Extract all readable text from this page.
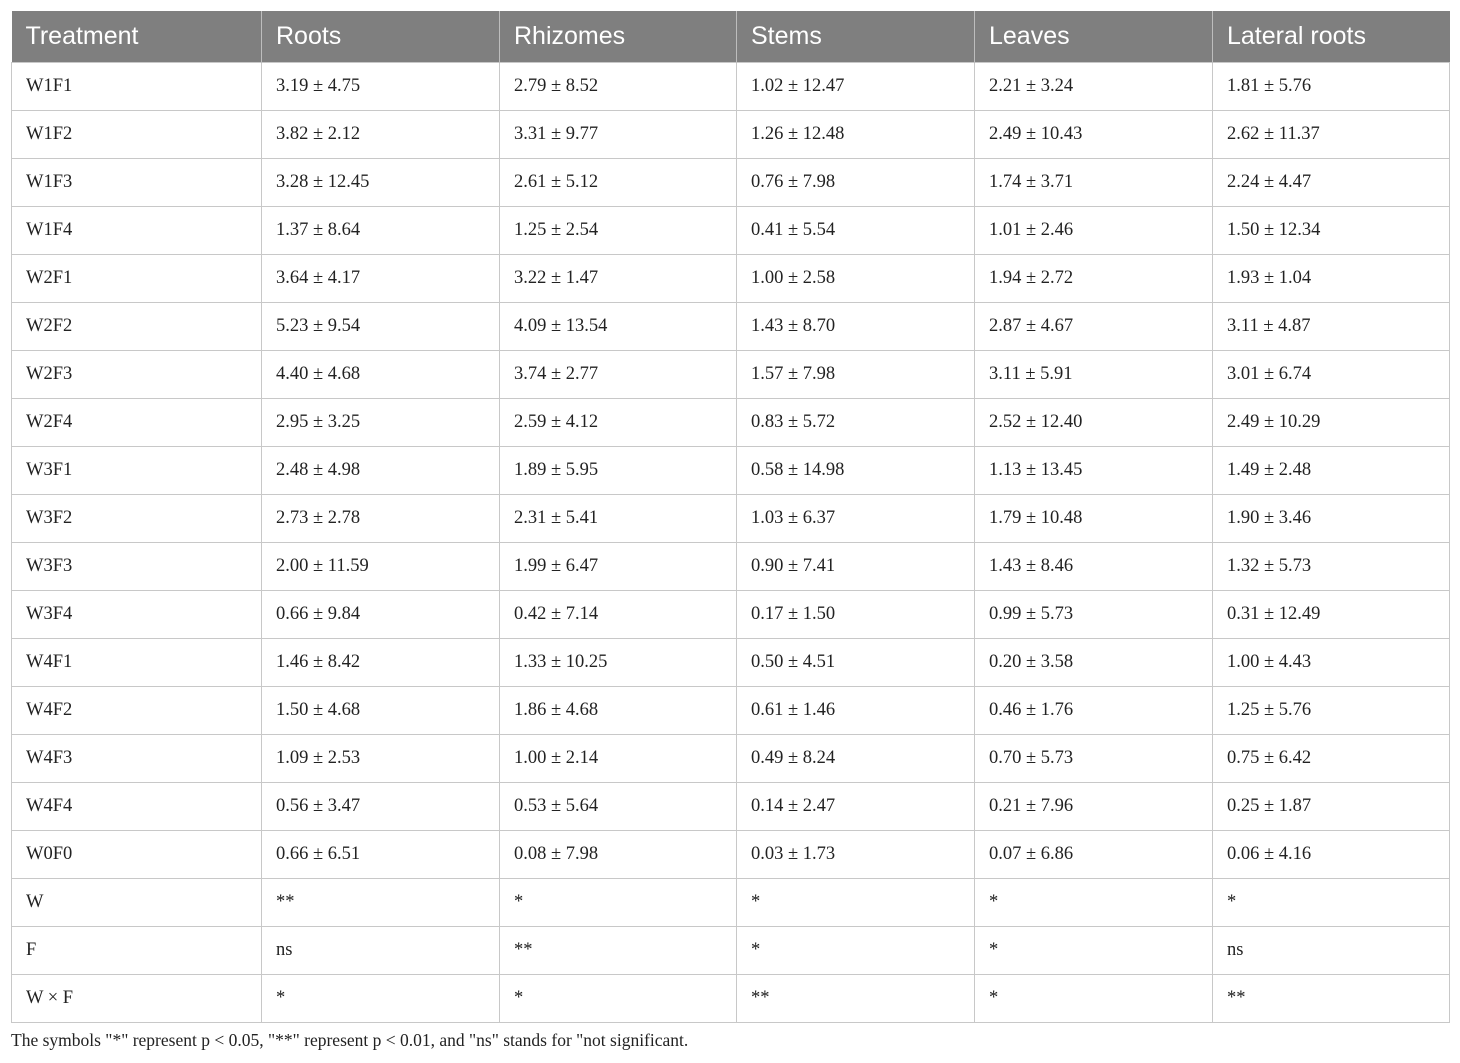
Treatment	Roots	Rhizomes	Stems	Leaves	Lateral roots
W1F1	3.19 ± 4.75	2.79 ± 8.52	1.02 ± 12.47	2.21 ± 3.24	1.81 ± 5.76
W1F2	3.82 ± 2.12	3.31 ± 9.77	1.26 ± 12.48	2.49 ± 10.43	2.62 ± 11.37
W1F3	3.28 ± 12.45	2.61 ± 5.12	0.76 ± 7.98	1.74 ± 3.71	2.24 ± 4.47
W1F4	1.37 ± 8.64	1.25 ± 2.54	0.41 ± 5.54	1.01 ± 2.46	1.50 ± 12.34
W2F1	3.64 ± 4.17	3.22 ± 1.47	1.00 ± 2.58	1.94 ± 2.72	1.93 ± 1.04
W2F2	5.23 ± 9.54	4.09 ± 13.54	1.43 ± 8.70	2.87 ± 4.67	3.11 ± 4.87
W2F3	4.40 ± 4.68	3.74 ± 2.77	1.57 ± 7.98	3.11 ± 5.91	3.01 ± 6.74
W2F4	2.95 ± 3.25	2.59 ± 4.12	0.83 ± 5.72	2.52 ± 12.40	2.49 ± 10.29
W3F1	2.48 ± 4.98	1.89 ± 5.95	0.58 ± 14.98	1.13 ± 13.45	1.49 ± 2.48
W3F2	2.73 ± 2.78	2.31 ± 5.41	1.03 ± 6.37	1.79 ± 10.48	1.90 ± 3.46
W3F3	2.00 ± 11.59	1.99 ± 6.47	0.90 ± 7.41	1.43 ± 8.46	1.32 ± 5.73
W3F4	0.66 ± 9.84	0.42 ± 7.14	0.17 ± 1.50	0.99 ± 5.73	0.31 ± 12.49
W4F1	1.46 ± 8.42	1.33 ± 10.25	0.50 ± 4.51	0.20 ± 3.58	1.00 ± 4.43
W4F2	1.50 ± 4.68	1.86 ± 4.68	0.61 ± 1.46	0.46 ± 1.76	1.25 ± 5.76
W4F3	1.09 ± 2.53	1.00 ± 2.14	0.49 ± 8.24	0.70 ± 5.73	0.75 ± 6.42
W4F4	0.56 ± 3.47	0.53 ± 5.64	0.14 ± 2.47	0.21 ± 7.96	0.25 ± 1.87
W0F0	0.66 ± 6.51	0.08 ± 7.98	0.03 ± 1.73	0.07 ± 6.86	0.06 ± 4.16
W	**	*	*	*	*
F	ns	**	*	*	ns
W × F	*	*	**	*	**
The symbols "*" represent p < 0.05, "**" represent p < 0.01, and "ns" stands for "not significant.
